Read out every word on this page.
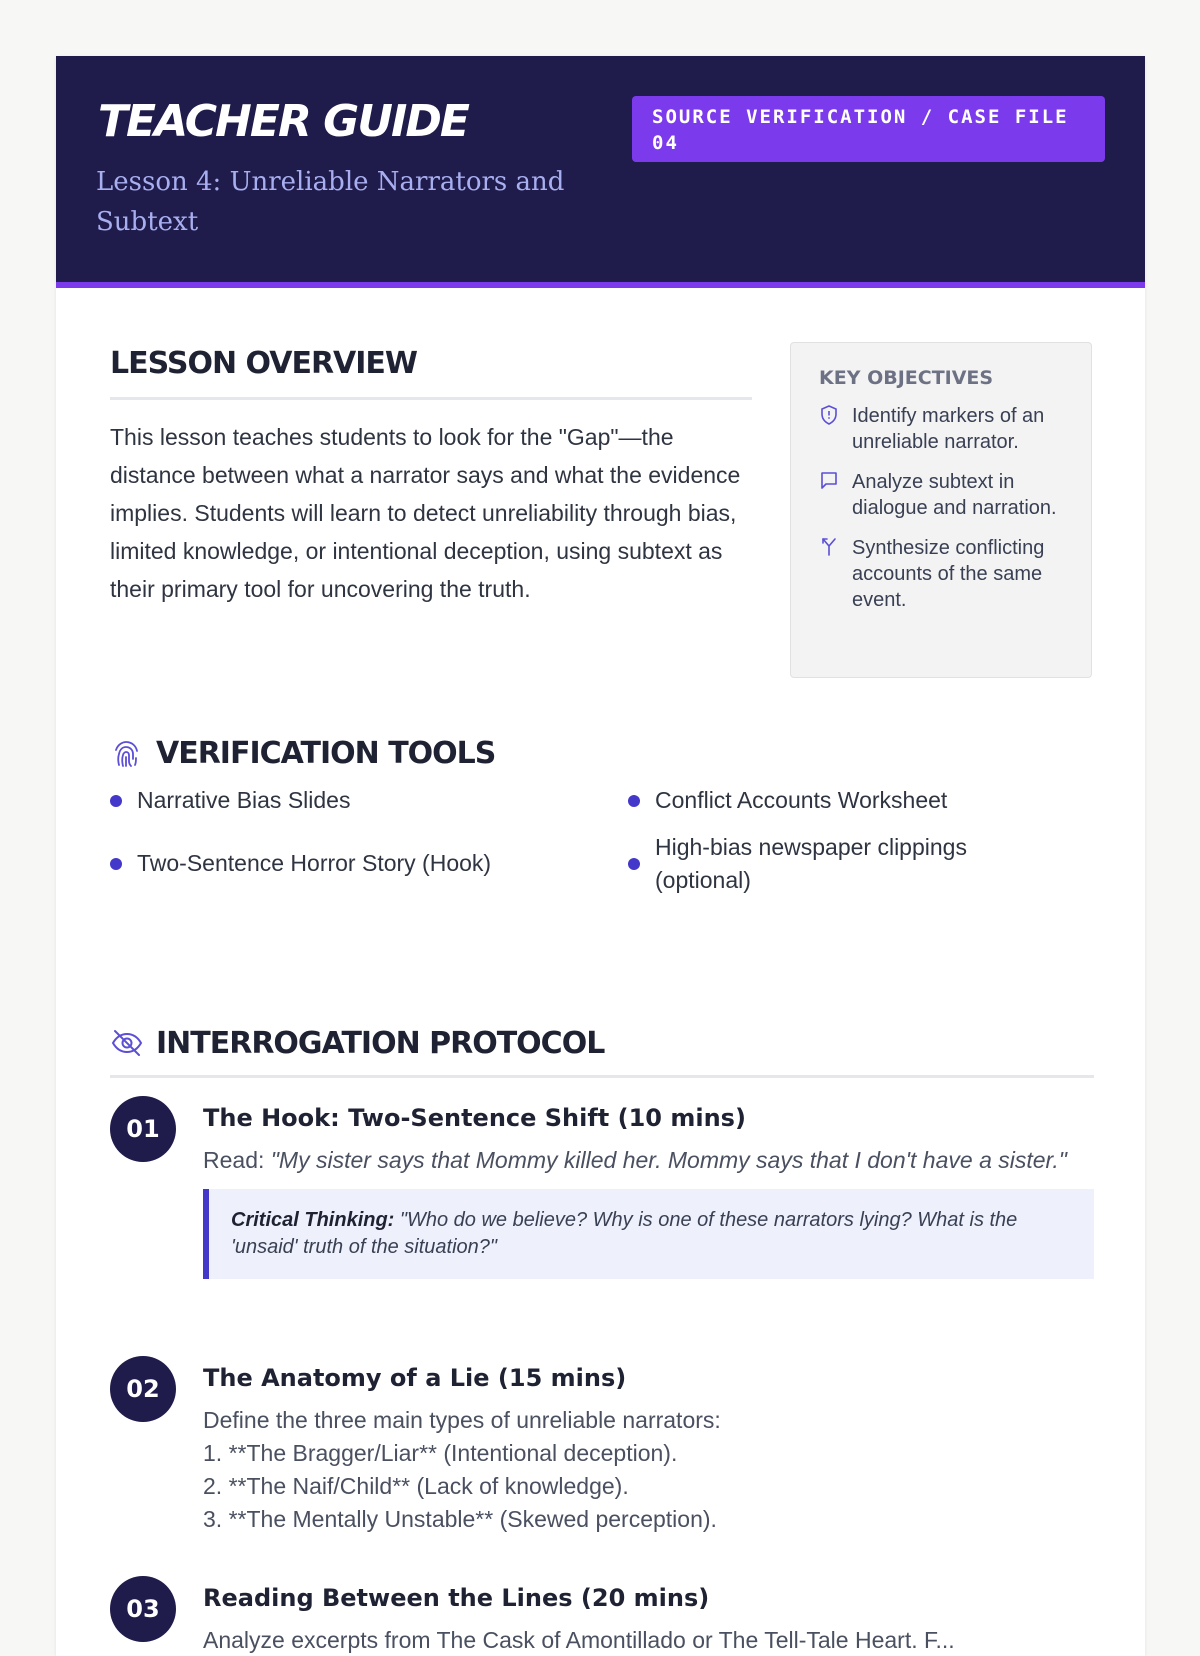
TEACHER GUIDE
Lesson 4: Unreliable Narrators and Subtext
SOURCE VERIFICATION / CASE FILE 04
LESSON OVERVIEW
This lesson teaches students to look for the "Gap"—the distance between what a narrator says and what the evidence implies. Students will learn to detect unreliability through bias, limited knowledge, or intentional deception, using subtext as their primary tool for uncovering the truth.
KEY OBJECTIVES
Identify markers of an unreliable narrator.
Analyze subtext in dialogue and narration.
Synthesize conflicting accounts of the same event.
VERIFICATION TOOLS
Narrative Bias Slides	Conflict Accounts Worksheet
Two-Sentence Horror Story (Hook)
High-bias newspaper clippings (optional)
INTERROGATION PROTOCOL
01	The Hook: Two-Sentence Shift (10 mins)
Read: "My sister says that Mommy killed her. Mommy says that I don't have a sister."
Critical Thinking: "Who do we believe? Why is one of these narrators lying? What is the 'unsaid' truth of the situation?"
02	The Anatomy of a Lie (15 mins)
Define the three main types of unreliable narrators:
1. **The Bragger/Liar** (Intentional deception).
2. **The Naif/Child** (Lack of knowledge).
3. **The Mentally Unstable** (Skewed perception).
03	Reading Between the Lines (20 mins)
Analyze excerpts from The Cask of Amontillado or The Tell-Tale Heart. F...
